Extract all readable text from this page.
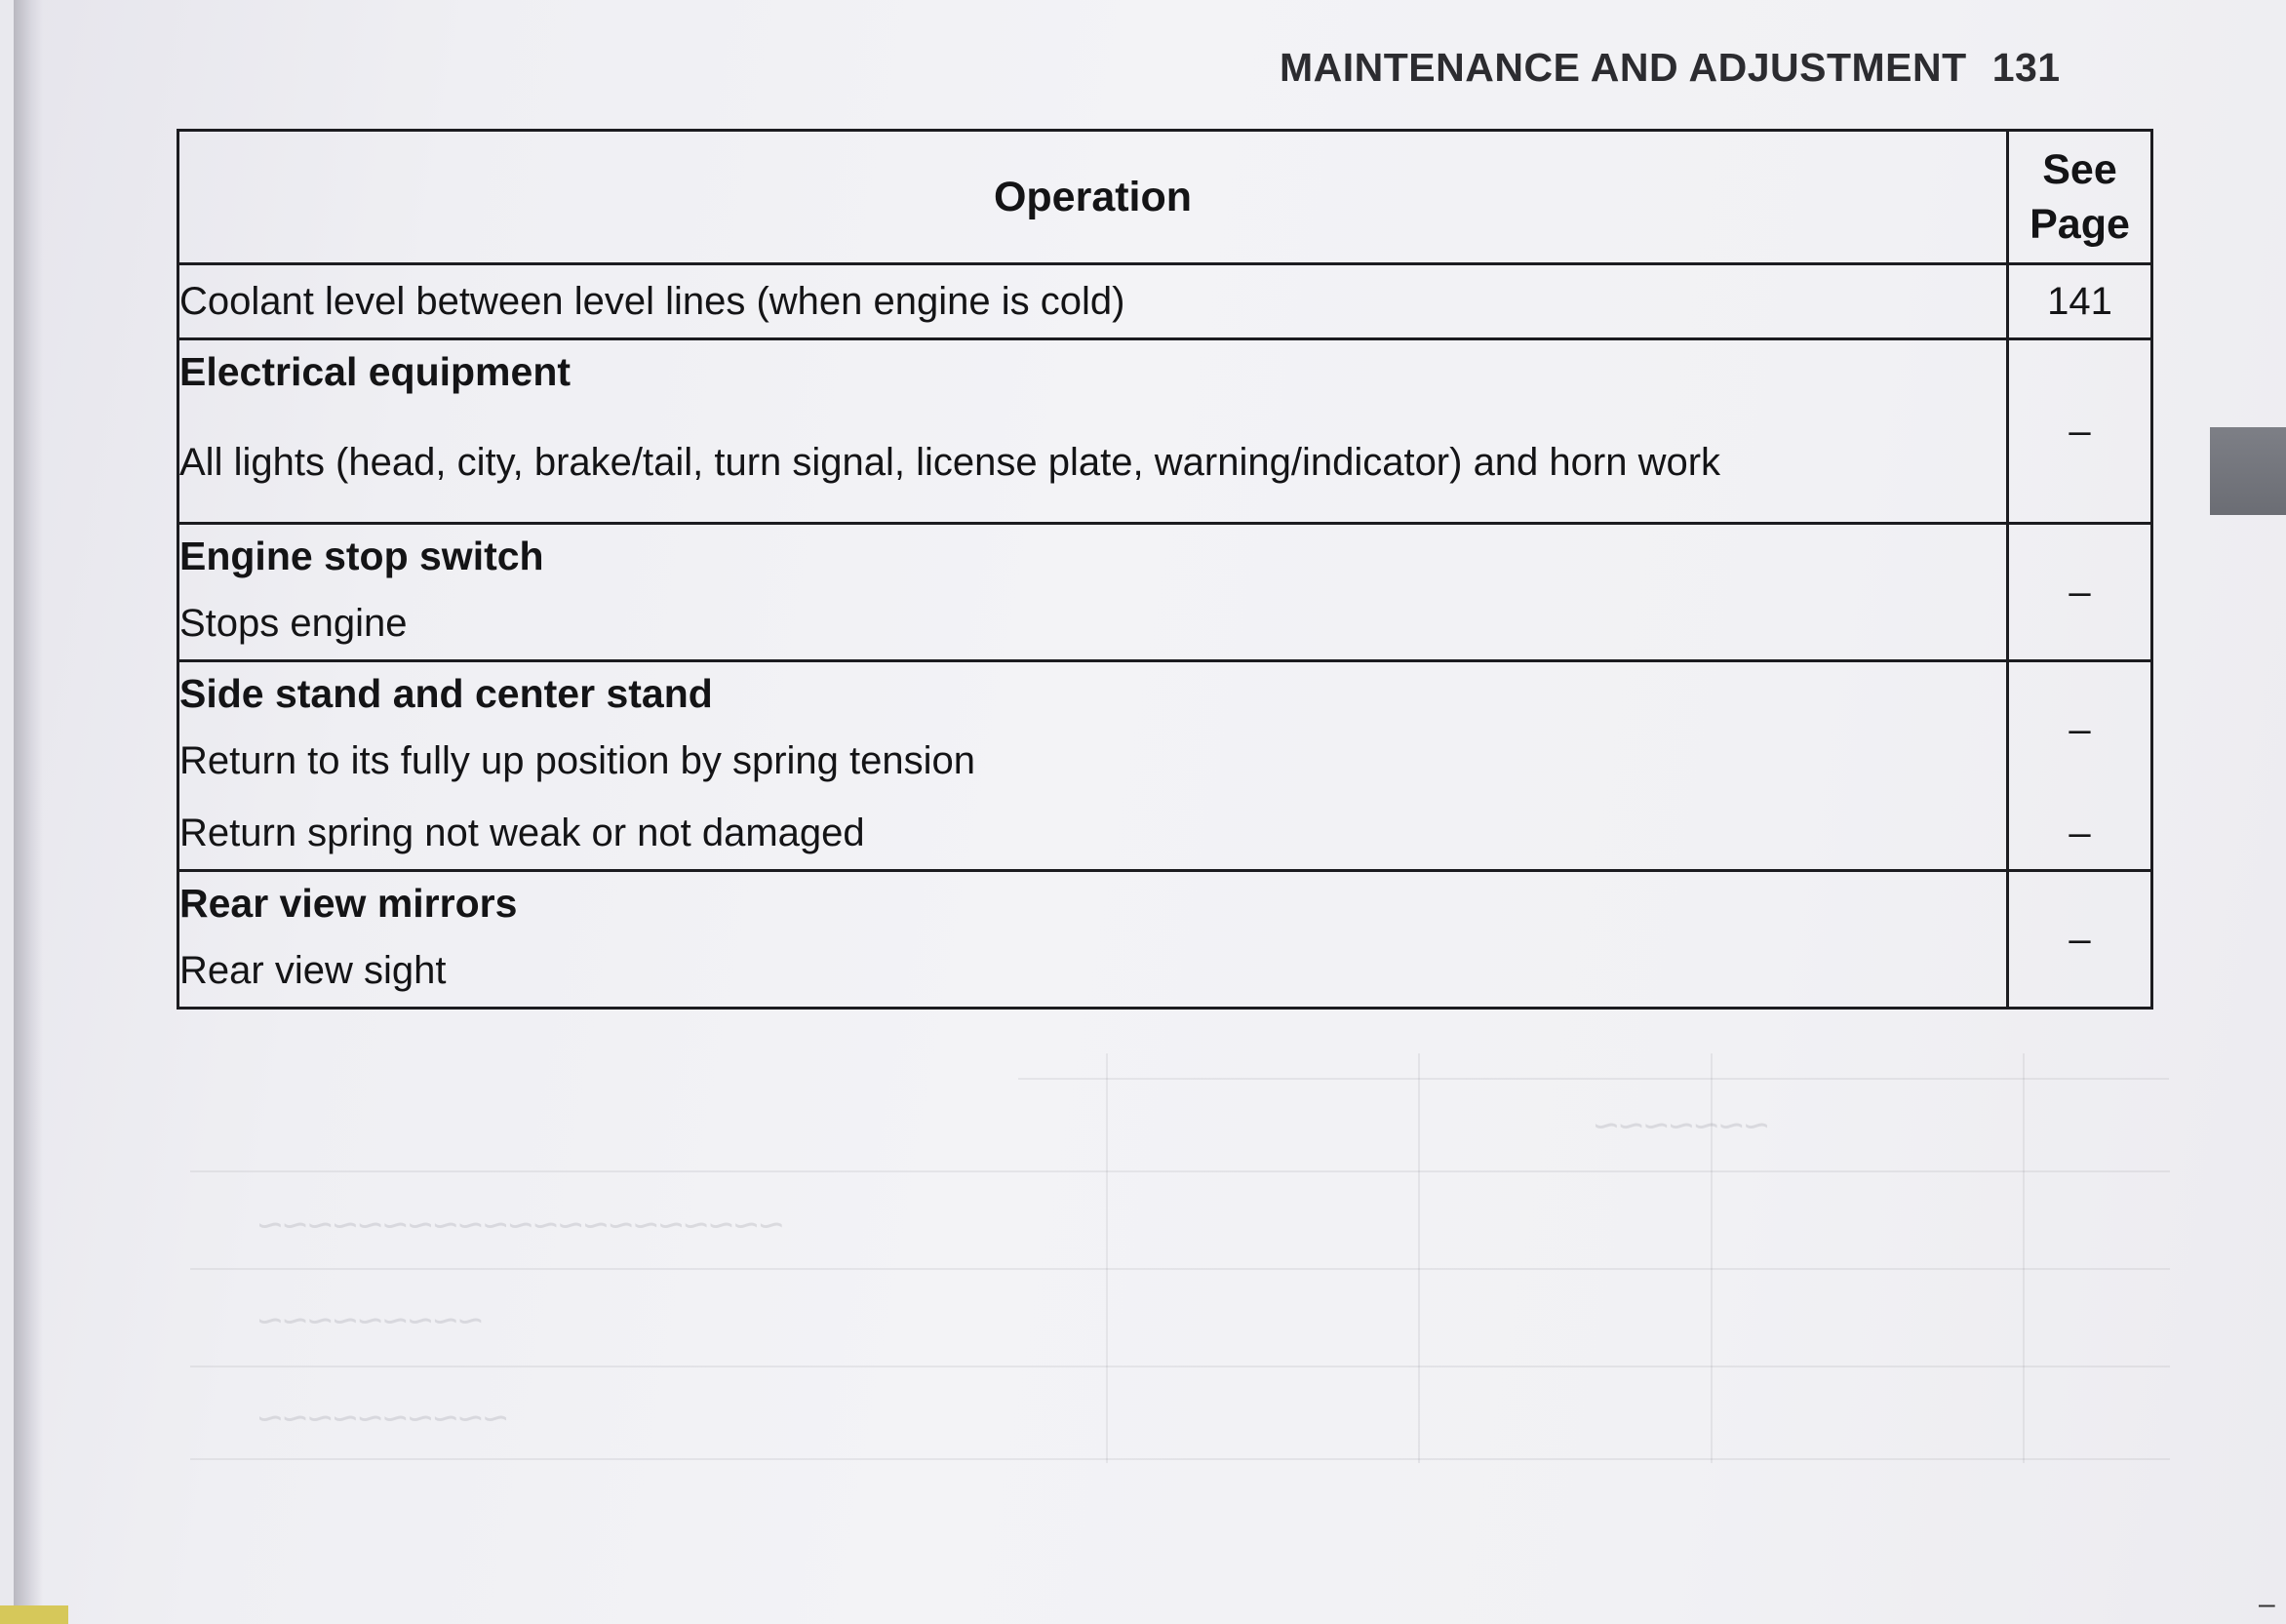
~~~~~~~
~~~~~~~~~~~~~~~~~~~~~
~~~~~~~~~
~~~~~~~~~~
MAINTENANCE AND ADJUSTMENT 131
Operation	See
Page

Coolant level between level lines (when engine is cold)	141
Electrical equipment	–
All lights (head, city, brake/tail, turn signal, license plate, warning/indicator) and horn work	
Engine stop switch	–
Stops engine	
Side stand and center stand	–
Return to its fully up position by spring tension	
Return spring not weak or not damaged	–
Rear view mirrors	–
Rear view sight	
–
